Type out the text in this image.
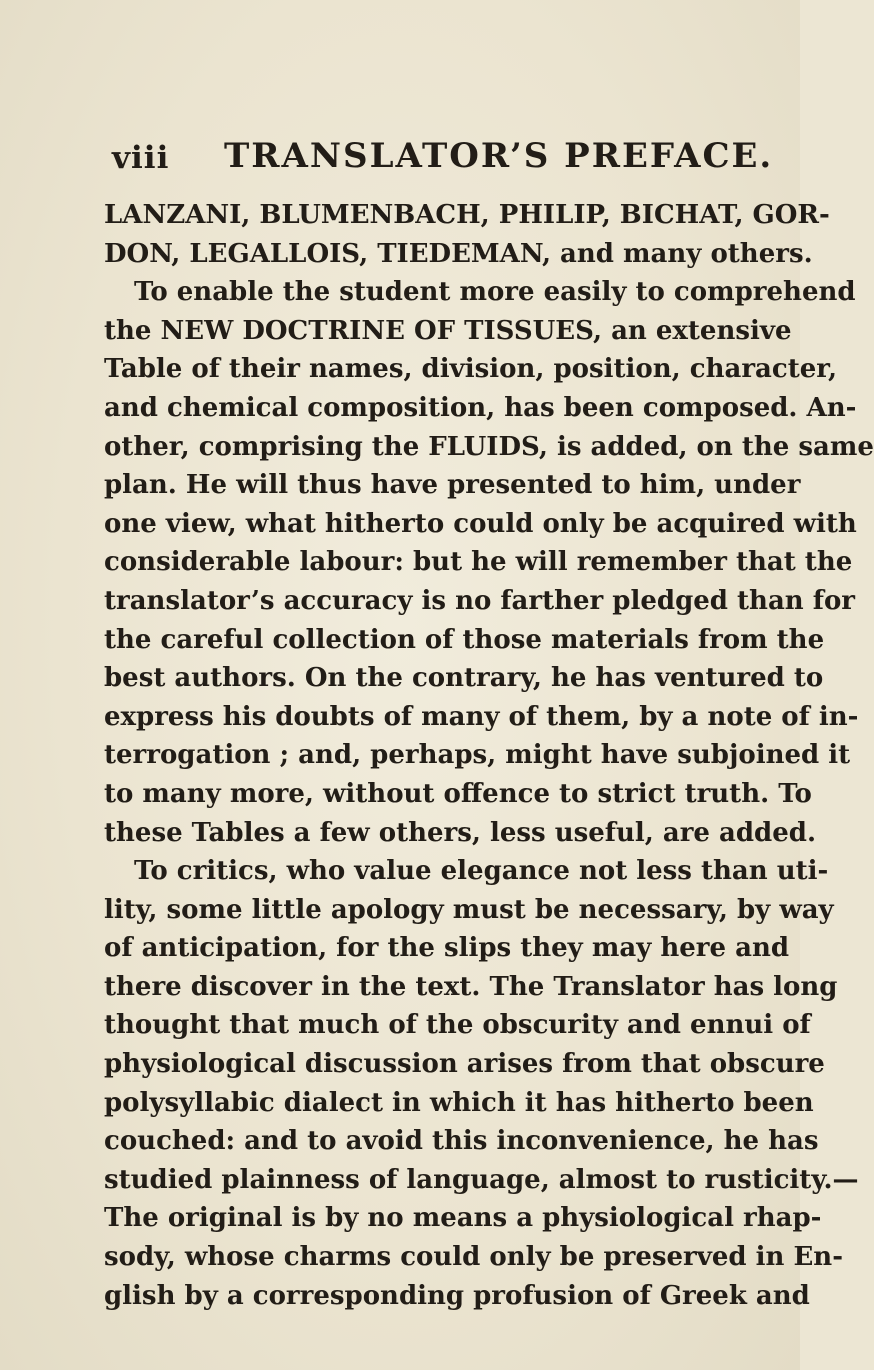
viii TRANSLATOR’S PREFACE.
LANZANI, BLUMENBACH, PHILIP, BICHAT, GOR-
DON, LEGALLOIS, TIEDEMAN, and many others.
To enable the student more easily to comprehend
the NEW DOCTRINE OF TISSUES, an extensive
Table of their names, division, position, character,
and chemical composition, has been composed. An-
other, comprising the FLUIDS, is added, on the same
plan. He will thus have presented to him, under
one view, what hitherto could only be acquired with
considerable labour: but he will remember that the
translator’s accuracy is no farther pledged than for
the careful collection of those materials from the
best authors. On the contrary, he has ventured to
express his doubts of many of them, by a note of in-
terrogation ; and, perhaps, might have subjoined it
to many more, without offence to strict truth. To
these Tables a few others, less useful, are added.
To critics, who value elegance not less than uti-
lity, some little apology must be necessary, by way
of anticipation, for the slips they may here and
there discover in the text. The Translator has long
thought that much of the obscurity and ennui of
physiological discussion arises from that obscure
polysyllabic dialect in which it has hitherto been
couched: and to avoid this inconvenience, he has
studied plainness of language, almost to rusticity.—
The original is by no means a physiological rhap-
sody, whose charms could only be preserved in En-
glish by a corresponding profusion of Greek and
